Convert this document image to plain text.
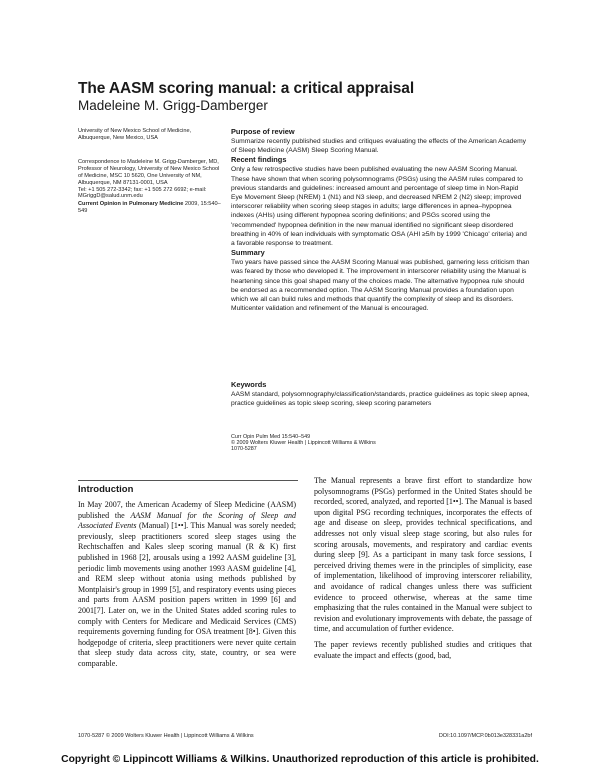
The AASM scoring manual: a critical appraisal

Madeleine M. Grigg-Damberger

University of New Mexico School of Medicine, Albuquerque, New Mexico, USA

Correspondence to Madeleine M. Grigg-Damberger, MD, Professor of Neurology, University of New Mexico School of Medicine, MSC 10 5620, One University of NM, Albuquerque, NM 87131-0001, USA
Tel: +1 505 272-3342; fax: +1 505 272 6692; e-mail: MGriggD@salud.unm.edu

Current Opinion in Pulmonary Medicine 2009, 15:540–549

Purpose of review

Summarize recently published studies and critiques evaluating the effects of the American Academy of Sleep Medicine (AASM) Sleep Scoring Manual.

Recent findings

Only a few retrospective studies have been published evaluating the new AASM Scoring Manual. These have shown that when scoring polysomnograms (PSGs) using the AASM rules compared to previous standards and guidelines: increased amount and percentage of sleep time in Non-Rapid Eye Movement Sleep (NREM) 1 (N1) and N3 sleep, and decreased NREM 2 (N2) sleep; improved interscorer reliability when scoring sleep stages in adults; large differences in apnea–hypopnea indexes (AHIs) using different hypopnea scoring definitions; and PSGs scored using the 'recommended' hypopnea definition in the new manual identified no significant sleep disordered breathing in 40% of lean individuals with symptomatic OSA (AHI ≥5/h by 1999 'Chicago' criteria) and a favorable response to treatment.

Summary

Two years have passed since the AASM Scoring Manual was published, garnering less criticism than was feared by those who developed it. The improvement in interscorer reliability using the Manual is heartening since this goal shaped many of the choices made. The alternative hypopnea rule should be endorsed as a recommended option. The AASM Scoring Manual provides a foundation upon which we all can build rules and methods that quantify the complexity of sleep and its disorders. Multicenter validation and refinement of the Manual is encouraged.

Keywords

AASM standard, polysomnography/classification/standards, practice guidelines as topic sleep apnea, practice guidelines as topic sleep scoring, sleep scoring parameters

Curr Opin Pulm Med 15:540–549

© 2009 Wolters Kluwer Health | Lippincott Williams & Wilkins

1070-5287

Introduction

In May 2007, the American Academy of Sleep Medicine (AASM) published the AASM Manual for the Scoring of Sleep and Associated Events (Manual) [1••]. This Manual was sorely needed; previously, sleep practitioners scored sleep stages using the Rechtschaffen and Kales sleep scoring manual (R & K) first published in 1968 [2], arousals using a 1992 AASM guideline [3], periodic limb movements using another 1993 AASM guideline [4], and REM sleep without atonia using methods published by Montplaisir's group in 1999 [5], and respiratory events using pieces and parts from AASM position papers written in 1999 [6] and 2001[7]. Later on, we in the United States added scoring rules to comply with Centers for Medicare and Medicaid Services (CMS) requirements governing funding for OSA treatment [8•]. Given this hodgepodge of criteria, sleep practitioners were never quite certain that sleep study data across city, state, country, or sea were comparable.

The Manual represents a brave first effort to standardize how polysomnograms (PSGs) performed in the United States should be recorded, scored, analyzed, and reported [1••]. The Manual is based upon digital PSG recording techniques, incorporates the effects of age and disease on sleep, provides technical specifications, and addresses not only visual sleep stage scoring, but also rules for scoring arousals, movements, and respiratory and cardiac events during sleep [9]. As a participant in many task force sessions, I perceived driving themes were in the principles of simplicity, ease of implementation, likelihood of improving interscorer reliability, and avoidance of radical changes unless there was sufficient evidence to proceed otherwise, whereas at the same time emphasizing that the rules contained in the Manual were subject to revision and evolutionary improvements with debate, the passage of time, and accumulation of further evidence.

The paper reviews recently published studies and critiques that evaluate the impact and effects (good, bad,

1070-5287 © 2009 Wolters Kluwer Health | Lippincott Williams & Wilkins	DOI:10.1097/MCP.0b013e328331a2bf
Copyright © Lippincott Williams & Wilkins. Unauthorized reproduction of this article is prohibited.
